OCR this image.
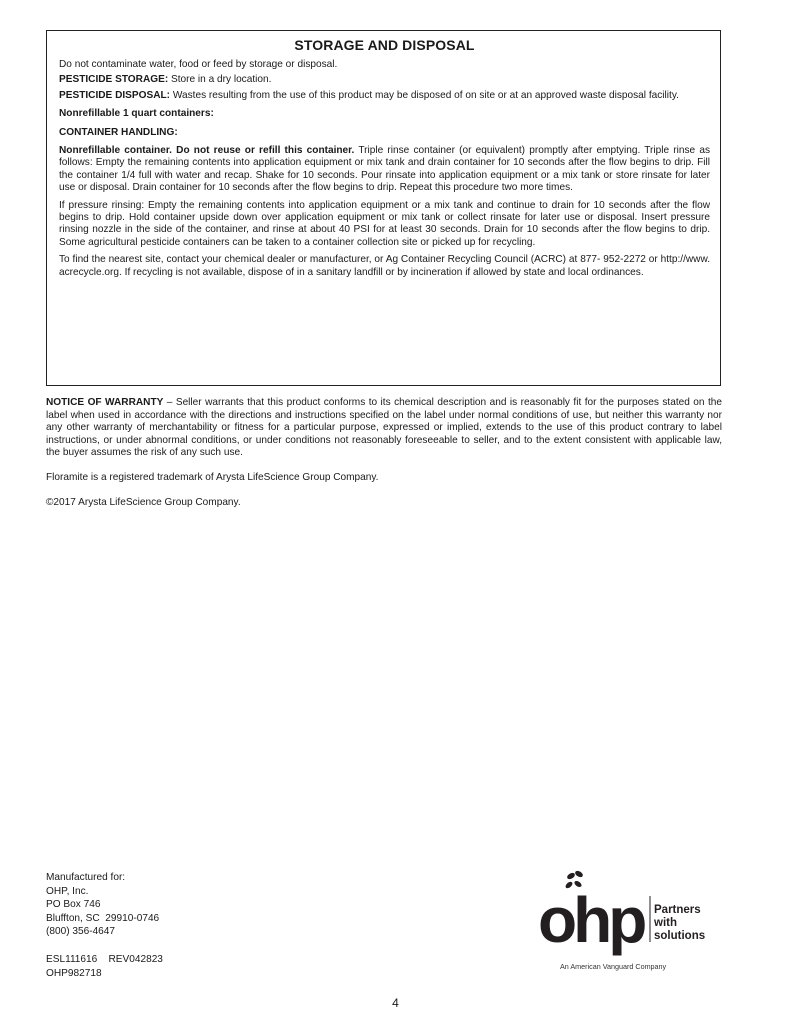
STORAGE AND DISPOSAL

Do not contaminate water, food or feed by storage or disposal.

PESTICIDE STORAGE: Store in a dry location.

PESTICIDE DISPOSAL: Wastes resulting from the use of this product may be disposed of on site or at an approved waste disposal facility.

Nonrefillable 1 quart containers:

CONTAINER HANDLING:

Nonrefillable container. Do not reuse or refill this container. Triple rinse container (or equivalent) promptly after emptying. Triple rinse as follows: Empty the remaining contents into application equipment or mix tank and drain container for 10 seconds after the flow begins to drip. Fill the container 1/4 full with water and recap. Shake for 10 seconds. Pour rinsate into application equipment or a mix tank or store rinsate for later use or disposal. Drain container for 10 seconds after the flow begins to drip. Repeat this procedure two more times.

If pressure rinsing: Empty the remaining contents into application equipment or a mix tank and continue to drain for 10 seconds after the flow begins to drip. Hold container upside down over application equipment or mix tank or collect rinsate for later use or disposal. Insert pressure rinsing nozzle in the side of the container, and rinse at about 40 PSI for at least 30 seconds. Drain for 10 seconds after the flow begins to drip. Some agricultural pesticide containers can be taken to a container collection site or picked up for recycling.

To find the nearest site, contact your chemical dealer or manufacturer, or Ag Container Recycling Council (ACRC) at 877- 952-2272 or http://www. acrecycle.org. If recycling is not available, dispose of in a sanitary landfill or by incineration if allowed by state and local ordinances.

NOTICE OF WARRANTY – Seller warrants that this product conforms to its chemical description and is reasonably fit for the purposes stated on the label when used in accordance with the directions and instructions specified on the label under normal conditions of use, but neither this warranty nor any other warranty of merchantability or fitness for a particular purpose, expressed or implied, extends to the use of this product contrary to label instructions, or under abnormal conditions, or under conditions not reasonably foreseeable to seller, and to the extent consistent with applicable law, the buyer assumes the risk of any such use.

Floramite is a registered trademark of Arysta LifeScience Group Company.

©2017 Arysta LifeScience Group Company.

Manufactured for:
OHP, Inc.
PO Box 746
Bluffton, SC  29910-0746
(800) 356-4647
ESL111616    REV042823
OHP982718
ohp Partners
with
solutions
An American Vanguard Company
4
